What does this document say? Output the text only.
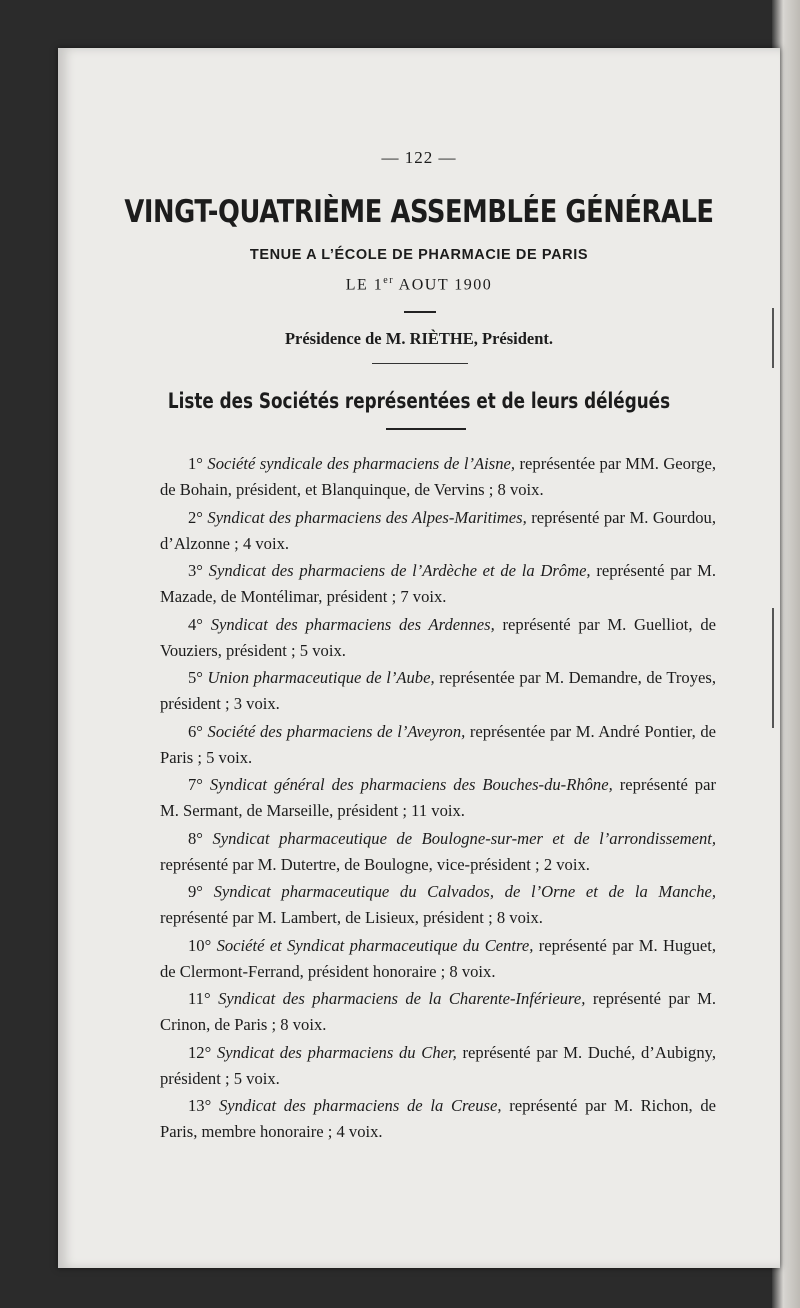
— 122 —
VINGT-QUATRIÈME ASSEMBLÉE GÉNÉRALE
TENUE A L’ÉCOLE DE PHARMACIE DE PARIS
LE 1er AOUT 1900
Présidence de M. RIÈTHE, Président.
Liste des Sociétés représentées et de leurs délégués

1° Société syndicale des pharmaciens de l’Aisne, représentée par MM. George, de Bohain, président, et Blanquinque, de Vervins ; 8 voix.

2° Syndicat des pharmaciens des Alpes-Maritimes, représenté par M. Gourdou, d’Alzonne ; 4 voix.

3° Syndicat des pharmaciens de l’Ardèche et de la Drôme, représenté par M. Mazade, de Montélimar, président ; 7 voix.

4° Syndicat des pharmaciens des Ardennes, représenté par M. Guelliot, de Vouziers, président ; 5 voix.

5° Union pharmaceutique de l’Aube, représentée par M. Demandre, de Troyes, président ; 3 voix.

6° Société des pharmaciens de l’Aveyron, représentée par M. André Pontier, de Paris ; 5 voix.

7° Syndicat général des pharmaciens des Bouches-du-Rhône, représenté par M. Sermant, de Marseille, président ; 11 voix.

8° Syndicat pharmaceutique de Boulogne-sur-mer et de l’arrondissement, représenté par M. Dutertre, de Boulogne, vice-président ; 2 voix.

9° Syndicat pharmaceutique du Calvados, de l’Orne et de la Manche, représenté par M. Lambert, de Lisieux, président ; 8 voix.

10° Société et Syndicat pharmaceutique du Centre, représenté par M. Huguet, de Clermont-Ferrand, président honoraire ; 8 voix.

11° Syndicat des pharmaciens de la Charente-Inférieure, représenté par M. Crinon, de Paris ; 8 voix.

12° Syndicat des pharmaciens du Cher, représenté par M. Duché, d’Aubigny, président ; 5 voix.

13° Syndicat des pharmaciens de la Creuse, représenté par M. Richon, de Paris, membre honoraire ; 4 voix.
